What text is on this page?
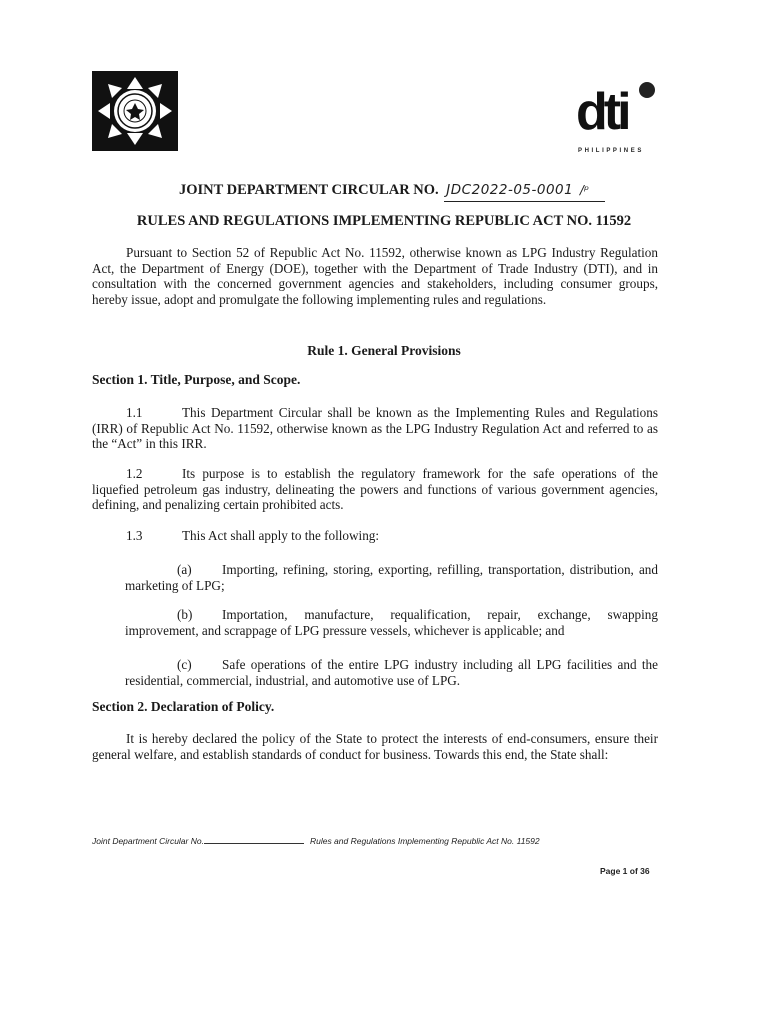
dti
PHILIPPINES
JOINT DEPARTMENT CIRCULAR NO. JDC2022-05-0001 /ᵖ
RULES AND REGULATIONS IMPLEMENTING REPUBLIC ACT NO. 11592
Pursuant to Section 52 of Republic Act No. 11592, otherwise known as LPG Industry Regulation Act, the Department of Energy (DOE), together with the Department of Trade Industry (DTI), and in consultation with the concerned government agencies and stakeholders, including consumer groups, hereby issue, adopt and promulgate the following implementing rules and regulations.
Rule 1. General Provisions
Section 1. Title, Purpose, and Scope.
1.1	This Department Circular shall be known as the Implementing Rules and Regulations (IRR) of Republic Act No. 11592, otherwise known as the LPG Industry Regulation Act and referred to as the “Act” in this IRR.
1.2	Its purpose is to establish the regulatory framework for the safe operations of the liquefied petroleum gas industry, delineating the powers and functions of various government agencies, defining, and penalizing certain prohibited acts.
1.3	This Act shall apply to the following:
(a) Importing, refining, storing, exporting, refilling, transportation, distribution, and marketing of LPG;
(b) Importation, manufacture, requalification, repair, exchange, swapping improvement, and scrappage of LPG pressure vessels, whichever is applicable; and
(c) Safe operations of the entire LPG industry including all LPG facilities and the residential, commercial, industrial, and automotive use of LPG.
Section 2. Declaration of Policy.
It is hereby declared the policy of the State to protect the interests of end-consumers, ensure their general welfare, and establish standards of conduct for business. Towards this end, the State shall:
Joint Department Circular No.	Rules and Regulations Implementing Republic Act No. 11592
Page 1 of 36
